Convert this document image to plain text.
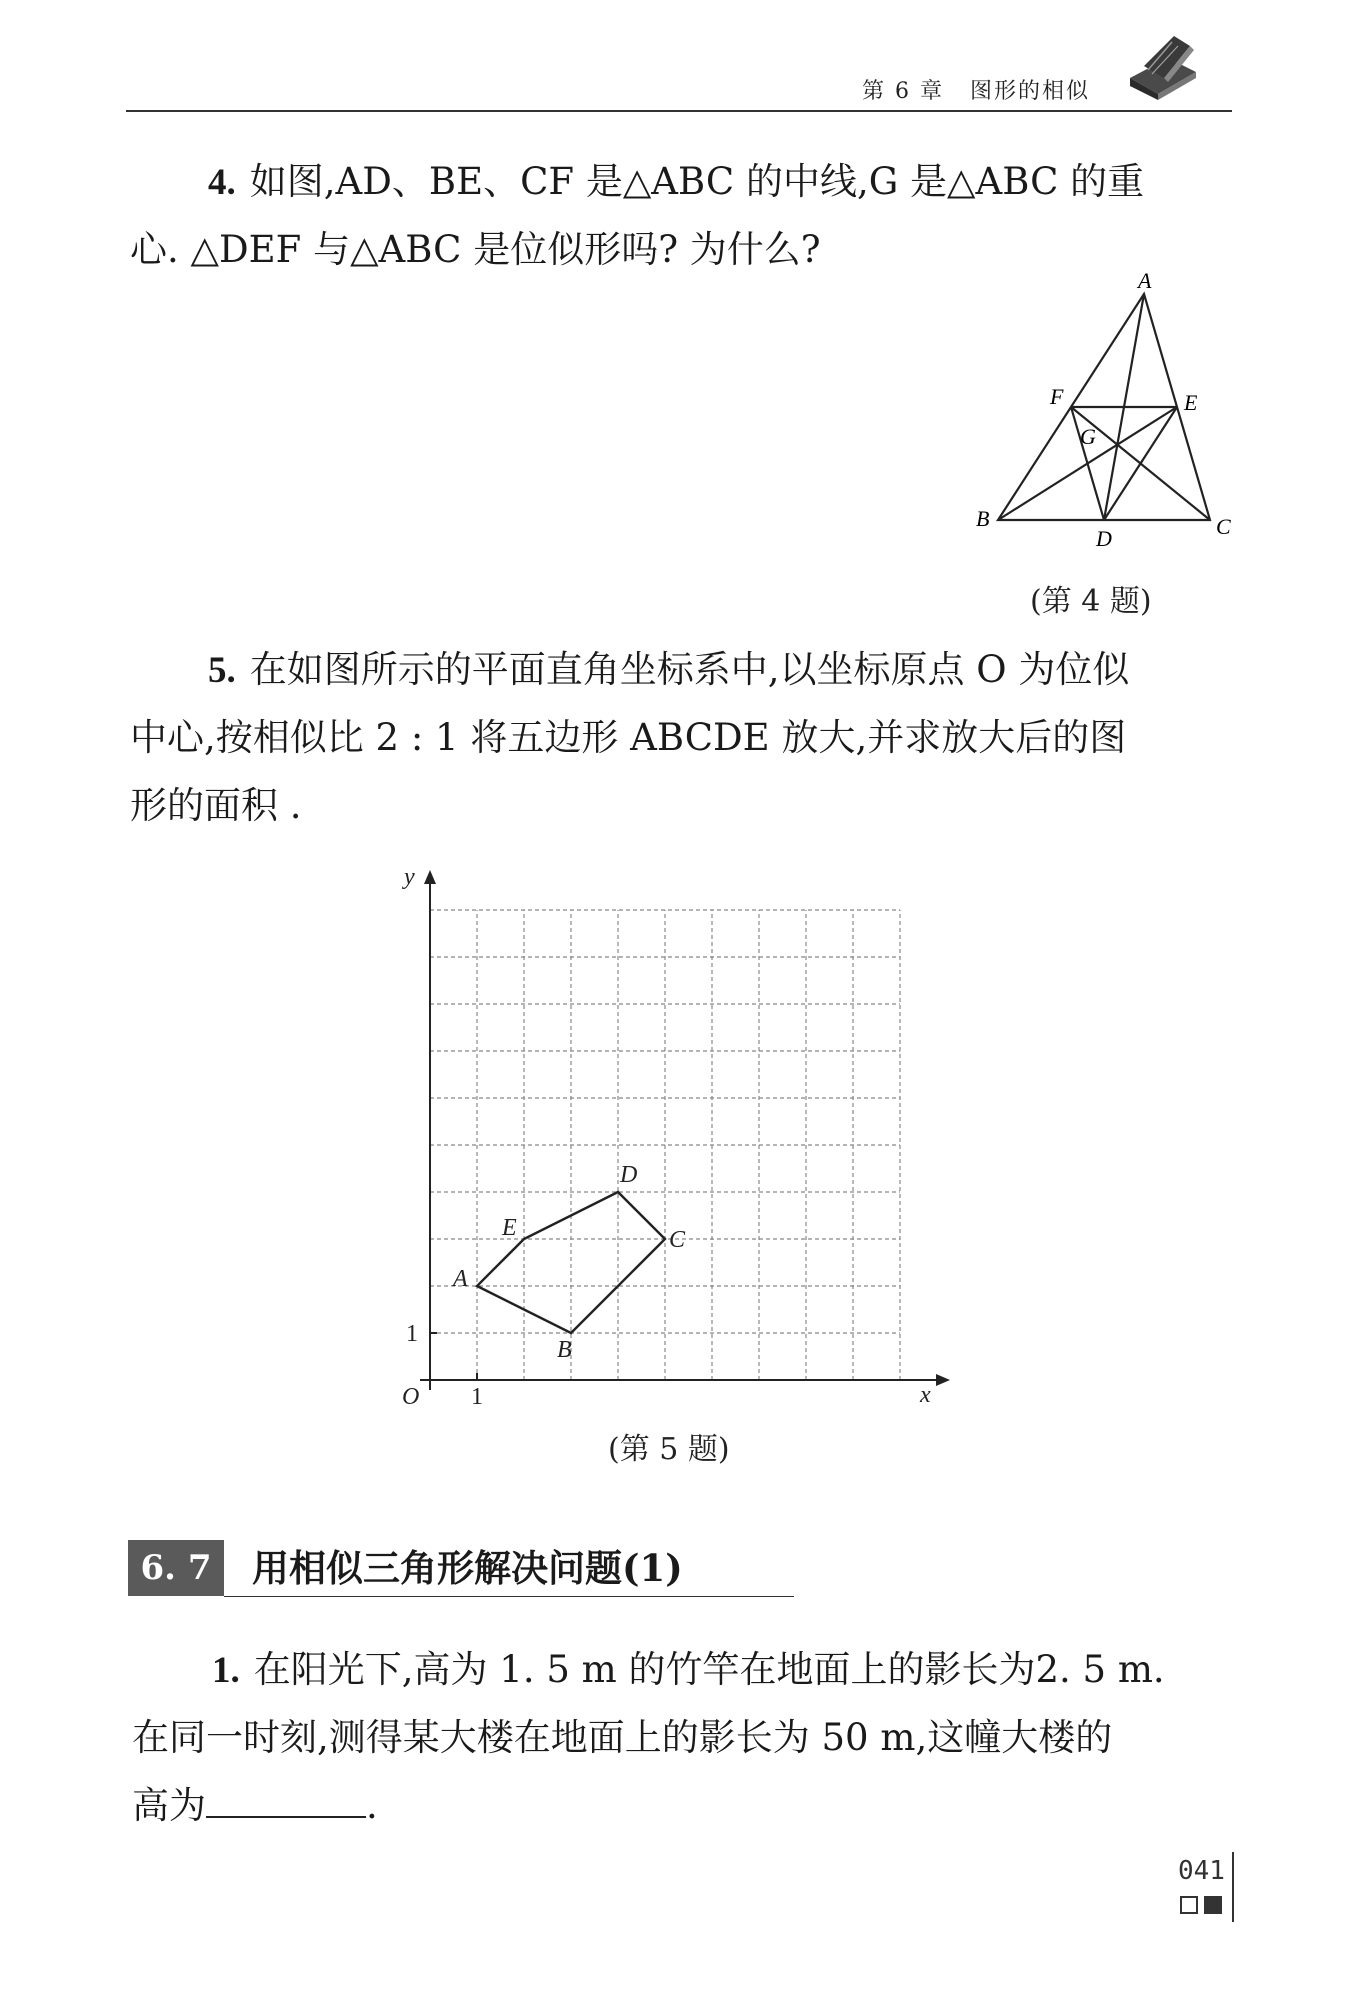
第 6 章 图形的相似
4. 如图,AD、BE、CF 是△ABC 的中线,G 是△ABC 的重
心. △DEF 与△ABC 是位似形吗? 为什么?
A
B	C
D
E
F
G
(第 4 题)
5. 在如图所示的平面直角坐标系中,以坐标原点 O 为位似
中心,按相似比 2 : 1 将五边形 ABCDE 放大,并求放大后的图
形的面积 .
y
x
O 1
1
A
B
C
D
E
(第 5 题)
6. 7	用相似三角形解决问题(1)
1. 在阳光下,高为 1. 5 m 的竹竿在地面上的影长为2. 5 m.
在同一时刻,测得某大楼在地面上的影长为 50 m,这幢大楼的
高为	.
041
